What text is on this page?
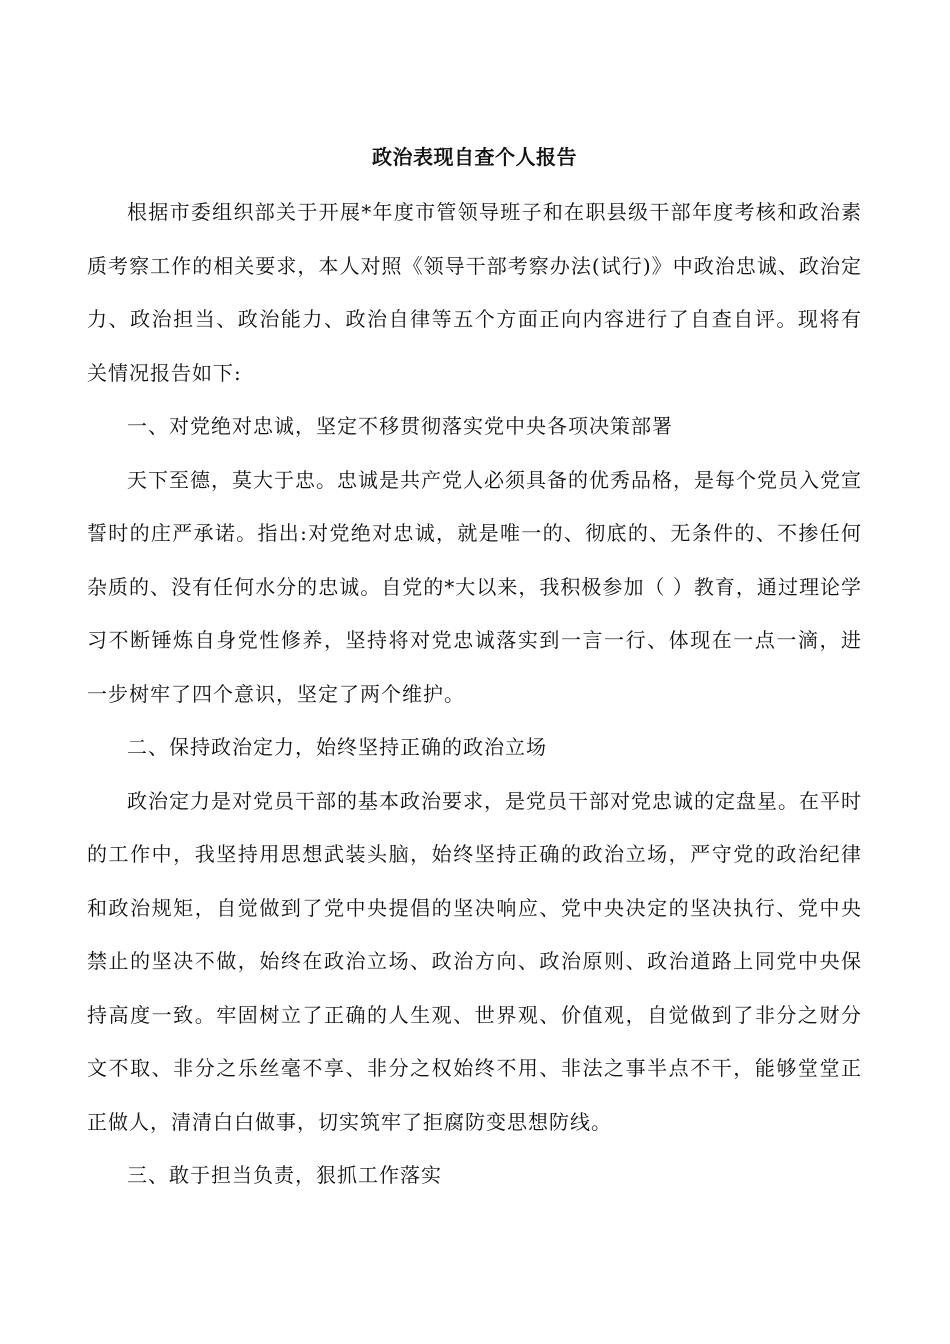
政治表现自查个人报告

根据市委组织部关于开展*年度市管领导班子和在职县级干部年度考核和政治素质考察工作的相关要求，本人对照《领导干部考察办法(试行)》中政治忠诚、政治定力、政治担当、政治能力、政治自律等五个方面正向内容进行了自查自评。现将有关情况报告如下:

一、对党绝对忠诚，坚定不移贯彻落实党中央各项决策部署

天下至德，莫大于忠。忠诚是共产党人必须具备的优秀品格，是每个党员入党宣誓时的庄严承诺。指出:对党绝对忠诚，就是唯一的、彻底的、无条件的、不掺任何杂质的、没有任何水分的忠诚。自党的*大以来，我积极参加（ ）教育，通过理论学习不断锤炼自身党性修养，坚持将对党忠诚落实到一言一行、体现在一点一滴，进一步树牢了四个意识，坚定了两个维护。

二、保持政治定力，始终坚持正确的政治立场

政治定力是对党员干部的基本政治要求，是党员干部对党忠诚的定盘星。在平时的工作中，我坚持用思想武装头脑，始终坚持正确的政治立场，严守党的政治纪律和政治规矩，自觉做到了党中央提倡的坚决响应、党中央决定的坚决执行、党中央禁止的坚决不做，始终在政治立场、政治方向、政治原则、政治道路上同党中央保持高度一致。牢固树立了正确的人生观、世界观、价值观，自觉做到了非分之财分文不取、非分之乐丝毫不享、非分之权始终不用、非法之事半点不干，能够堂堂正正做人，清清白白做事，切实筑牢了拒腐防变思想防线。

三、敢于担当负责，狠抓工作落实
